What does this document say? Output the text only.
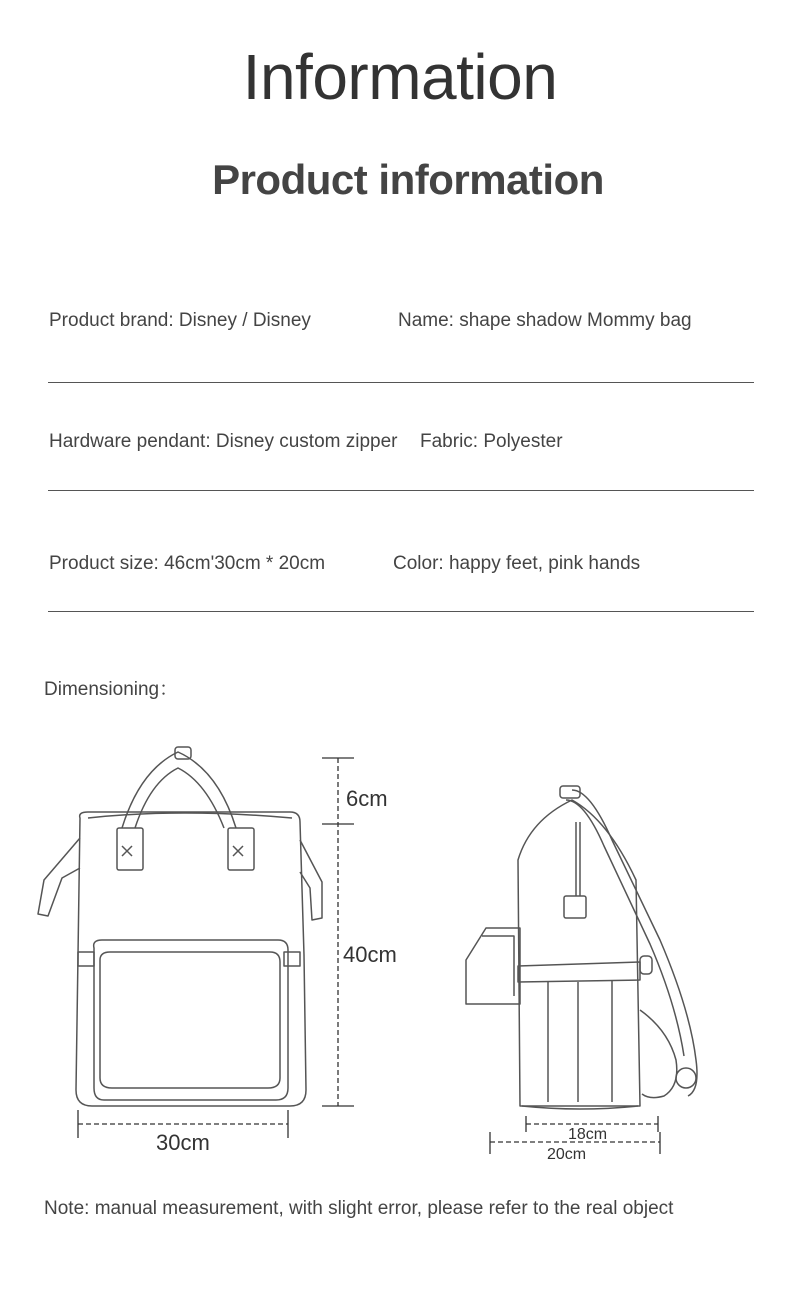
Information
Product information
Product brand: Disney / Disney	Name: shape shadow Mommy bag
Hardware pendant: Disney custom zipper Fabric: Polyester
Product size: 46cm'30cm * 20cm	Color: happy feet, pink hands
Dimensioning：
6cm
40cm
30cm	18cm
20cm
Note: manual measurement, with slight error, please refer to the real object
